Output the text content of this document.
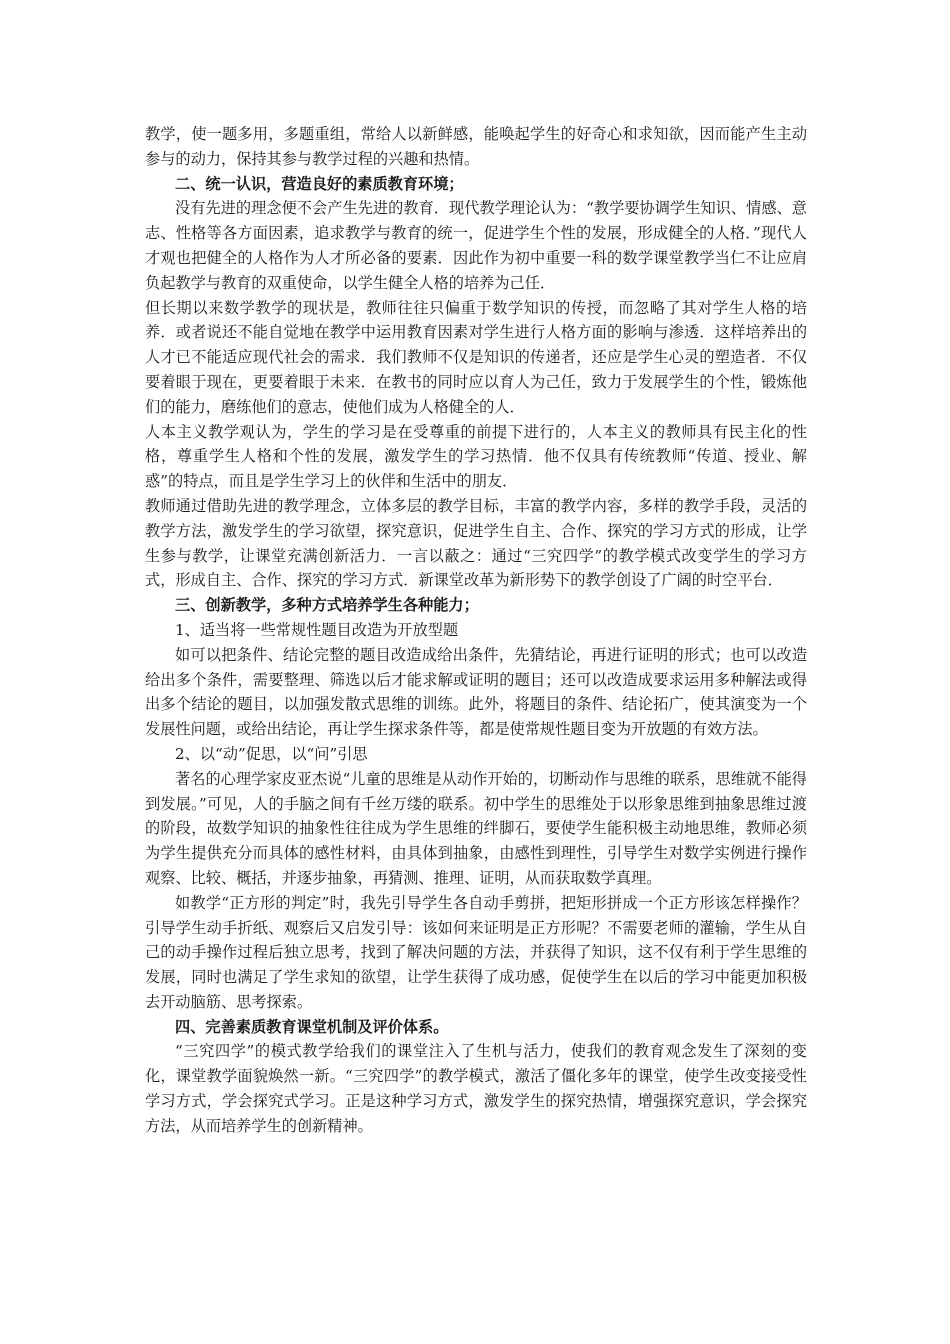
教学，使一题多用，多题重组，常给人以新鲜感，能唤起学生的好奇心和求知欲，因而能产生主动参与的动力，保持其参与教学过程的兴趣和热情。

二、统一认识，营造良好的素质教育环境；

没有先进的理念便不会产生先进的教育．现代教学理论认为：“教学要协调学生知识、情感、意志、性格等各方面因素，追求教学与教育的统一，促进学生个性的发展，形成健全的人格．”现代人才观也把健全的人格作为人才所必备的要素．因此作为初中重要一科的数学课堂教学当仁不让应肩负起教学与教育的双重使命，以学生健全人格的培养为己任．

但长期以来数学教学的现状是，教师往往只偏重于数学知识的传授，而忽略了其对学生人格的培养．或者说还不能自觉地在教学中运用教育因素对学生进行人格方面的影响与渗透．这样培养出的人才已不能适应现代社会的需求．我们教师不仅是知识的传递者，还应是学生心灵的塑造者．不仅要着眼于现在，更要着眼于未来．在教书的同时应以育人为己任，致力于发展学生的个性，锻炼他们的能力，磨练他们的意志，使他们成为人格健全的人．

人本主义教学观认为，学生的学习是在受尊重的前提下进行的，人本主义的教师具有民主化的性格，尊重学生人格和个性的发展，激发学生的学习热情．他不仅具有传统教师“传道、授业、解惑”的特点，而且是学生学习上的伙伴和生活中的朋友．

教师通过借助先进的教学理念，立体多层的教学目标，丰富的教学内容，多样的教学手段，灵活的教学方法，激发学生的学习欲望，探究意识，促进学生自主、合作、探究的学习方式的形成，让学生参与教学，让课堂充满创新活力．一言以蔽之：通过“三究四学”的教学模式改变学生的学习方式，形成自主、合作、探究的学习方式．新课堂改革为新形势下的教学创设了广阔的时空平台．

三、创新教学，多种方式培养学生各种能力；

1、适当将一些常规性题目改造为开放型题

如可以把条件、结论完整的题目改造成给出条件，先猜结论，再进行证明的形式；也可以改造给出多个条件，需要整理、筛选以后才能求解或证明的题目；还可以改造成要求运用多种解法或得出多个结论的题目，以加强发散式思维的训练。此外，将题目的条件、结论拓广，使其演变为一个发展性问题，或给出结论，再让学生探求条件等，都是使常规性题目变为开放题的有效方法。

2、以“动”促思，以“问”引思

著名的心理学家皮亚杰说“儿童的思维是从动作开始的，切断动作与思维的联系，思维就不能得到发展。”可见，人的手脑之间有千丝万缕的联系。初中学生的思维处于以形象思维到抽象思维过渡的阶段，故数学知识的抽象性往往成为学生思维的绊脚石，要使学生能积极主动地思维，教师必须为学生提供充分而具体的感性材料，由具体到抽象，由感性到理性，引导学生对数学实例进行操作观察、比较、概括，并逐步抽象，再猜测、推理、证明，从而获取数学真理。

如教学“正方形的判定”时，我先引导学生各自动手剪拼，把矩形拼成一个正方形该怎样操作？引导学生动手折纸、观察后又启发引导：该如何来证明是正方形呢？不需要老师的灌输，学生从自己的动手操作过程后独立思考，找到了解决问题的方法，并获得了知识，这不仅有利于学生思维的发展，同时也满足了学生求知的欲望，让学生获得了成功感，促使学生在以后的学习中能更加积极去开动脑筋、思考探索。

四、完善素质教育课堂机制及评价体系。

“三究四学”的模式教学给我们的课堂注入了生机与活力，使我们的教育观念发生了深刻的变化，课堂教学面貌焕然一新。“三究四学”的教学模式，激活了僵化多年的课堂，使学生改变接受性学习方式，学会探究式学习。正是这种学习方式，激发学生的探究热情，增强探究意识，学会探究方法，从而培养学生的创新精神。
